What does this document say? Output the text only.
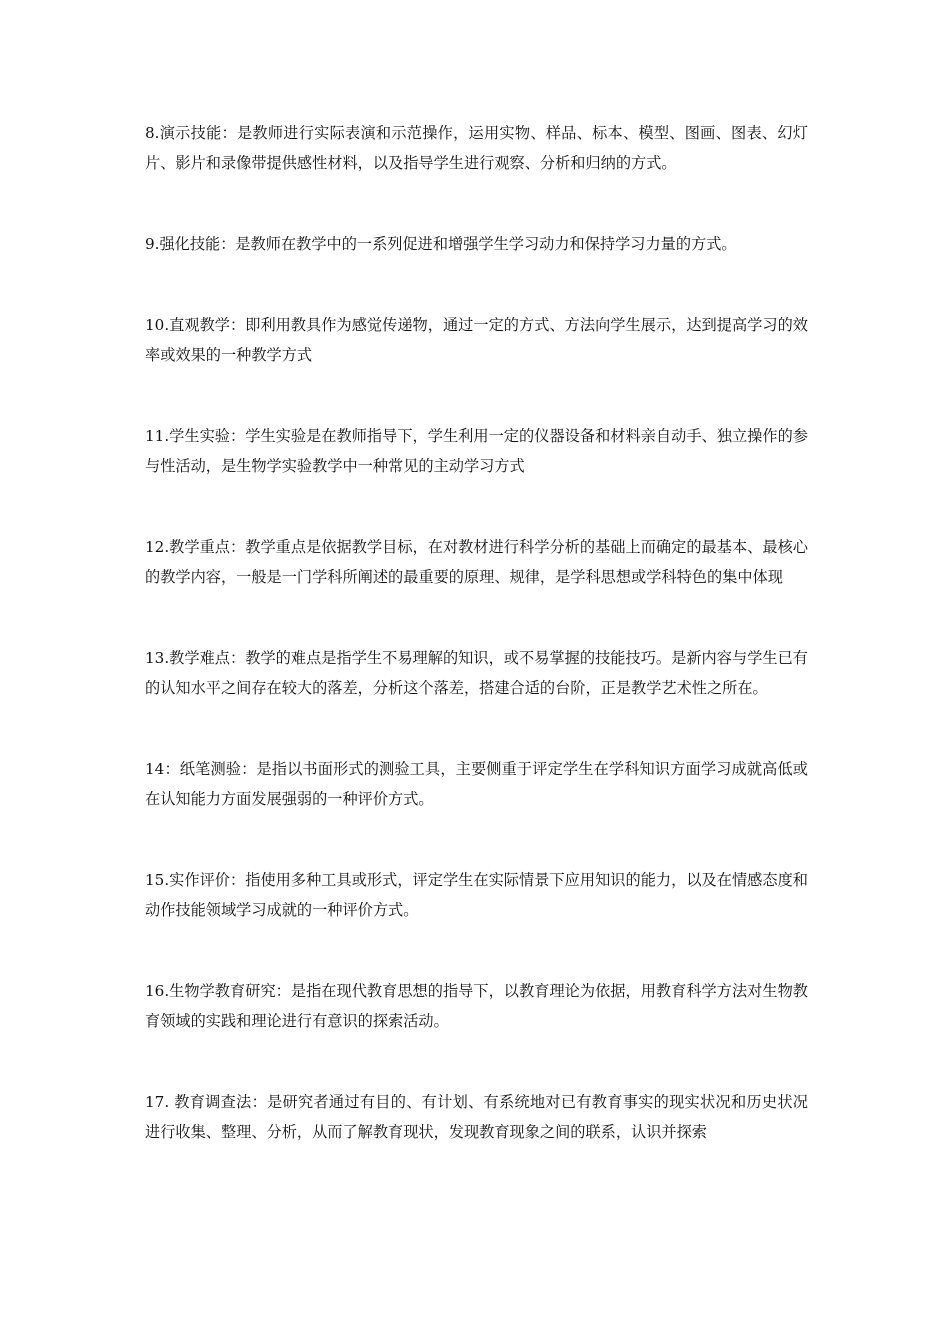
8.演示技能：是教师进行实际表演和示范操作，运用实物、样品、标本、模型、图画、图表、幻灯片、影片和录像带提供感性材料，以及指导学生进行观察、分析和归纳的方式。

9.强化技能：是教师在教学中的一系列促进和增强学生学习动力和保持学习力量的方式。

10.直观教学：即利用教具作为感觉传递物，通过一定的方式、方法向学生展示，达到提高学习的效率或效果的一种教学方式

11.学生实验：学生实验是在教师指导下，学生利用一定的仪器设备和材料亲自动手、独立操作的参与性活动，是生物学实验教学中一种常见的主动学习方式

12.教学重点：教学重点是依据教学目标，在对教材进行科学分析的基础上而确定的最基本、最核心的教学内容，一般是一门学科所阐述的最重要的原理、规律，是学科思想或学科特色的集中体现

13.教学难点：教学的难点是指学生不易理解的知识，或不易掌握的技能技巧。是新内容与学生已有的认知水平之间存在较大的落差，分析这个落差，搭建合适的台阶，正是教学艺术性之所在。

14：纸笔测验：是指以书面形式的测验工具，主要侧重于评定学生在学科知识方面学习成就高低或在认知能力方面发展强弱的一种评价方式。

15.实作评价：指使用多种工具或形式，评定学生在实际情景下应用知识的能力，以及在情感态度和动作技能领域学习成就的一种评价方式。

16.生物学教育研究：是指在现代教育思想的指导下，以教育理论为依据，用教育科学方法对生物教育领域的实践和理论进行有意识的探索活动。

17. 教育调查法：是研究者通过有目的、有计划、有系统地对已有教育事实的现实状况和历史状况进行收集、整理、分析，从而了解教育现状，发现教育现象之间的联系，认识并探索
